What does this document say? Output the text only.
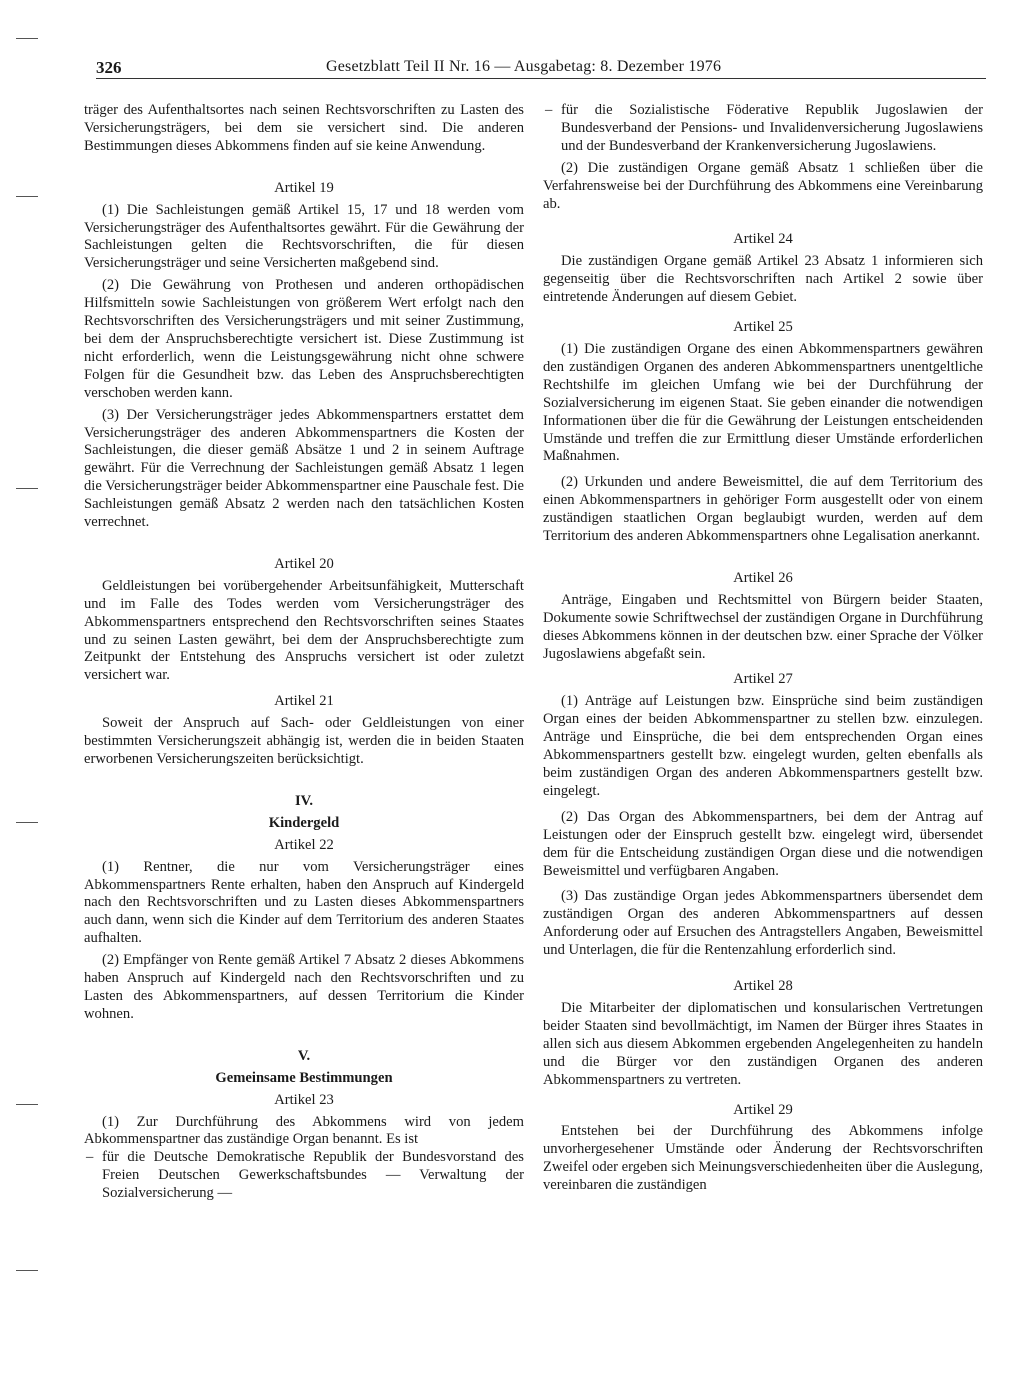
326	Gesetzblatt Teil II Nr. 16 — Ausgabetag: 8. Dezember 1976

träger des Aufenthaltsortes nach seinen Rechtsvorschriften zu Lasten des Versicherungsträgers, bei dem sie versichert sind. Die anderen Bestimmungen dieses Abkommens finden auf sie keine Anwendung.

Artikel 19

(1) Die Sachleistungen gemäß Artikel 15, 17 und 18 werden vom Versicherungsträger des Aufenthaltsortes gewährt. Für die Gewährung der Sachleistungen gelten die Rechtsvorschriften, die für diesen Versicherungsträger und seine Versicherten maßgebend sind.

(2) Die Gewährung von Prothesen und anderen orthopädischen Hilfsmitteln sowie Sachleistungen von größerem Wert erfolgt nach den Rechtsvorschriften des Versicherungsträgers und mit seiner Zustimmung, bei dem der Anspruchsberechtigte versichert ist. Diese Zustimmung ist nicht erforderlich, wenn die Leistungsgewährung nicht ohne schwere Folgen für die Gesundheit bzw. das Leben des Anspruchsberechtigten verschoben werden kann.

(3) Der Versicherungsträger jedes Abkommenspartners erstattet dem Versicherungsträger des anderen Abkommenspartners die Kosten der Sachleistungen, die dieser gemäß Absätze 1 und 2 in seinem Auftrage gewährt. Für die Verrechnung der Sachleistungen gemäß Absatz 1 legen die Versicherungsträger beider Abkommenspartner eine Pauschale fest. Die Sachleistungen gemäß Absatz 2 werden nach den tatsächlichen Kosten verrechnet.

Artikel 20

Geldleistungen bei vorübergehender Arbeitsunfähigkeit, Mutterschaft und im Falle des Todes werden vom Versicherungsträger des Abkommenspartners entsprechend den Rechtsvorschriften seines Staates und zu seinen Lasten gewährt, bei dem der Anspruchsberechtigte zum Zeitpunkt der Entstehung des Anspruchs versichert ist oder zuletzt versichert war.

Artikel 21

Soweit der Anspruch auf Sach- oder Geldleistungen von einer bestimmten Versicherungszeit abhängig ist, werden die in beiden Staaten erworbenen Versicherungszeiten berücksichtigt.

IV.
Kindergeld
Artikel 22

(1) Rentner, die nur vom Versicherungsträger eines Abkommenspartners Rente erhalten, haben den Anspruch auf Kindergeld nach den Rechtsvorschriften und zu Lasten dieses Abkommenspartners auch dann, wenn sich die Kinder auf dem Territorium des anderen Staates aufhalten.

(2) Empfänger von Rente gemäß Artikel 7 Absatz 2 dieses Abkommens haben Anspruch auf Kindergeld nach den Rechtsvorschriften und zu Lasten des Abkommenspartners, auf dessen Territorium die Kinder wohnen.

V.
Gemeinsame Bestimmungen
Artikel 23

(1) Zur Durchführung des Abkommens wird von jedem Abkommenspartner das zuständige Organ benannt. Es ist

– für die Deutsche Demokratische Republik der Bundesvorstand des Freien Deutschen Gewerkschaftsbundes — Verwaltung der Sozialversicherung —
– für die Sozialistische Föderative Republik Jugoslawien der Bundesverband der Pensions- und Invalidenversicherung Jugoslawiens und der Bundesverband der Krankenversicherung Jugoslawiens.

(2) Die zuständigen Organe gemäß Absatz 1 schließen über die Verfahrensweise bei der Durchführung des Abkommens eine Vereinbarung ab.

Artikel 24

Die zuständigen Organe gemäß Artikel 23 Absatz 1 informieren sich gegenseitig über die Rechtsvorschriften nach Artikel 2 sowie über eintretende Änderungen auf diesem Gebiet.

Artikel 25

(1) Die zuständigen Organe des einen Abkommenspartners gewähren den zuständigen Organen des anderen Abkommenspartners unentgeltliche Rechtshilfe im gleichen Umfang wie bei der Durchführung der Sozialversicherung im eigenen Staat. Sie geben einander die notwendigen Informationen über die für die Gewährung der Leistungen entscheidenden Umstände und treffen die zur Ermittlung dieser Umstände erforderlichen Maßnahmen.

(2) Urkunden und andere Beweismittel, die auf dem Territorium des einen Abkommenspartners in gehöriger Form ausgestellt oder von einem zuständigen staatlichen Organ beglaubigt wurden, werden auf dem Territorium des anderen Abkommenspartners ohne Legalisation anerkannt.

Artikel 26

Anträge, Eingaben und Rechtsmittel von Bürgern beider Staaten, Dokumente sowie Schriftwechsel der zuständigen Organe in Durchführung dieses Abkommens können in der deutschen bzw. einer Sprache der Völker Jugoslawiens abgefaßt sein.

Artikel 27

(1) Anträge auf Leistungen bzw. Einsprüche sind beim zuständigen Organ eines der beiden Abkommenspartner zu stellen bzw. einzulegen. Anträge und Einsprüche, die bei dem entsprechenden Organ eines Abkommenspartners gestellt bzw. eingelegt wurden, gelten ebenfalls als beim zuständigen Organ des anderen Abkommenspartners gestellt bzw. eingelegt.

(2) Das Organ des Abkommenspartners, bei dem der Antrag auf Leistungen oder der Einspruch gestellt bzw. eingelegt wird, übersendet dem für die Entscheidung zuständigen Organ diese und die notwendigen Beweismittel und verfügbaren Angaben.

(3) Das zuständige Organ jedes Abkommenspartners übersendet dem zuständigen Organ des anderen Abkommenspartners auf dessen Anforderung oder auf Ersuchen des Antragstellers Angaben, Beweismittel und Unterlagen, die für die Rentenzahlung erforderlich sind.

Artikel 28

Die Mitarbeiter der diplomatischen und konsularischen Vertretungen beider Staaten sind bevollmächtigt, im Namen der Bürger ihres Staates in allen sich aus diesem Abkommen ergebenden Angelegenheiten zu handeln und die Bürger vor den zuständigen Organen des anderen Abkommenspartners zu vertreten.

Artikel 29

Entstehen bei der Durchführung des Abkommens infolge unvorhergesehener Umstände oder Änderung der Rechtsvorschriften Zweifel oder ergeben sich Meinungsverschiedenheiten über die Auslegung, vereinbaren die zuständigen
